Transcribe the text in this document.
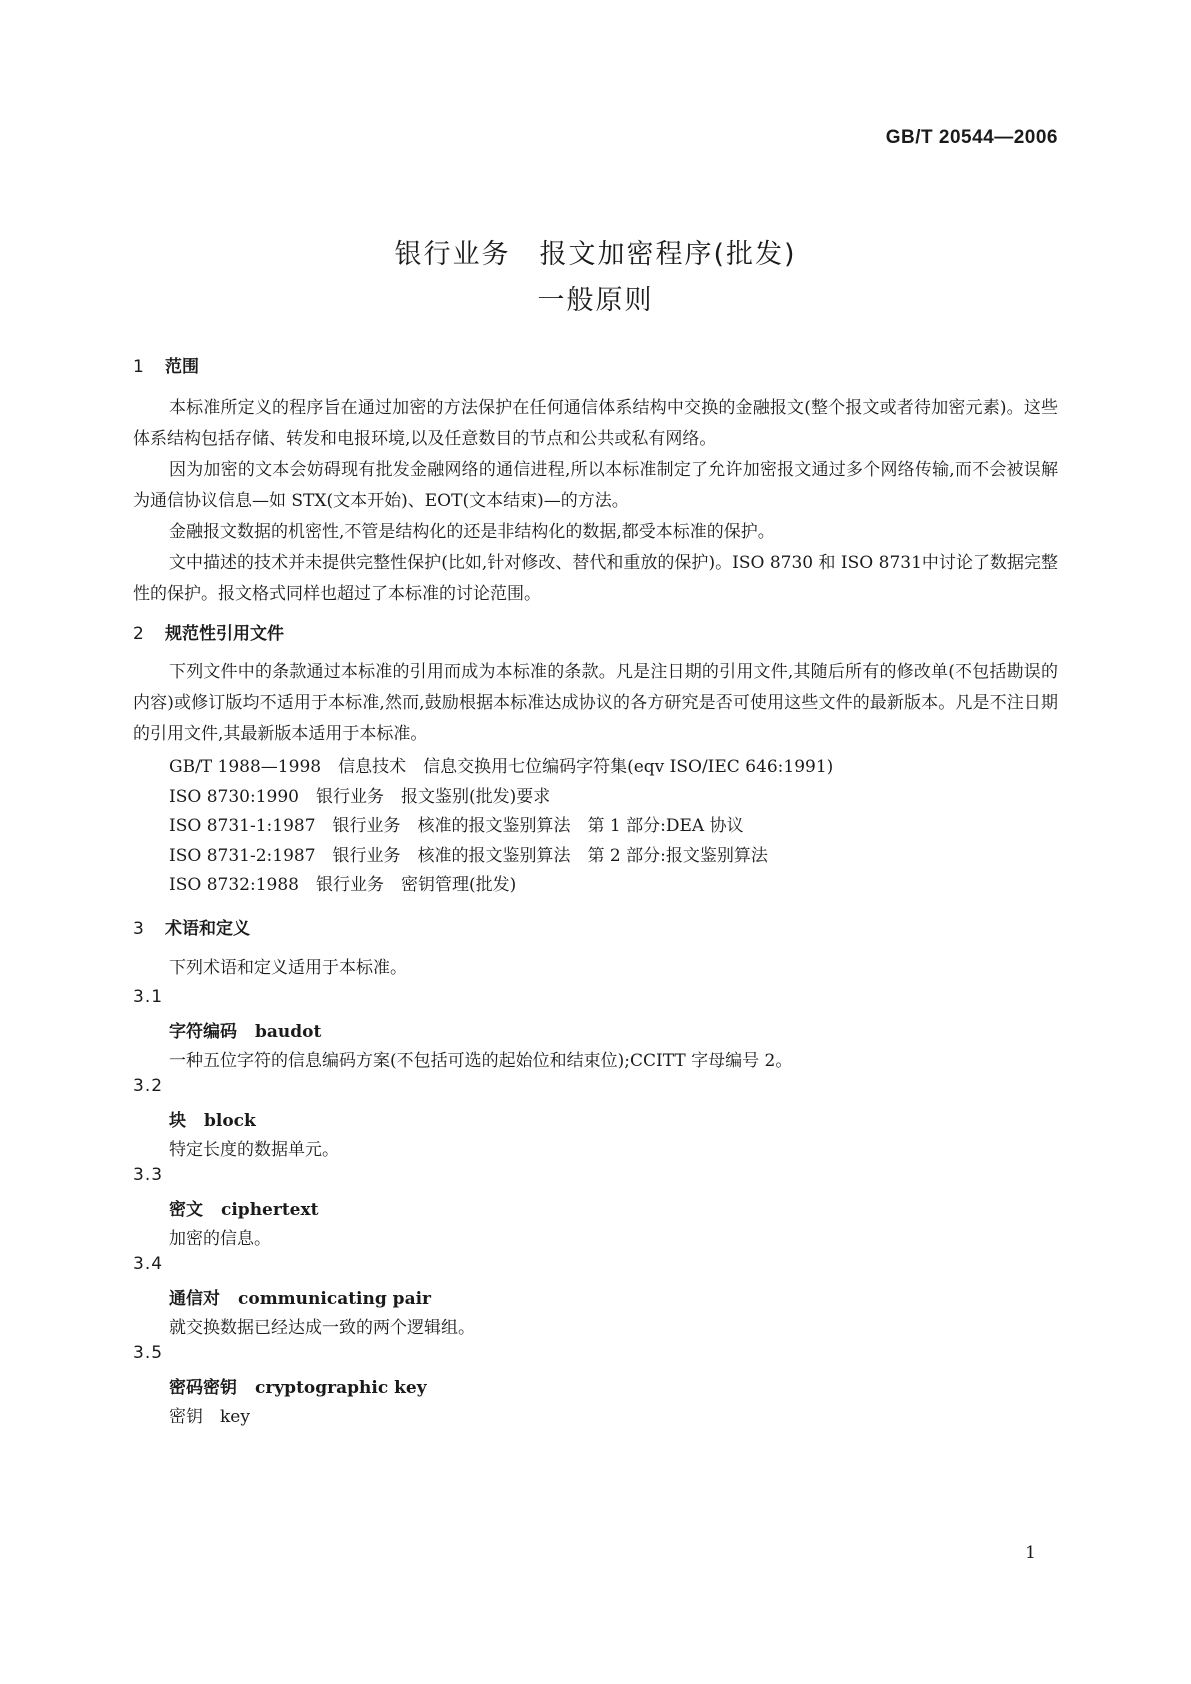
GB/T 20544—2006
银行业务　报文加密程序(批发)
一般原则
1 范围
本标准所定义的程序旨在通过加密的方法保护在任何通信体系结构中交换的金融报文(整个报文或者待加密元素)。这些体系结构包括存储、转发和电报环境,以及任意数目的节点和公共或私有网络。
因为加密的文本会妨碍现有批发金融网络的通信进程,所以本标准制定了允许加密报文通过多个网络传输,而不会被误解为通信协议信息—如 STX(文本开始)、EOT(文本结束)—的方法。
金融报文数据的机密性,不管是结构化的还是非结构化的数据,都受本标准的保护。
文中描述的技术并未提供完整性保护(比如,针对修改、替代和重放的保护)。ISO 8730 和 ISO 8731中讨论了数据完整性的保护。报文格式同样也超过了本标准的讨论范围。
2 规范性引用文件
下列文件中的条款通过本标准的引用而成为本标准的条款。凡是注日期的引用文件,其随后所有的修改单(不包括勘误的内容)或修订版均不适用于本标准,然而,鼓励根据本标准达成协议的各方研究是否可使用这些文件的最新版本。凡是不注日期的引用文件,其最新版本适用于本标准。
GB/T 1988—1998　信息技术　信息交换用七位编码字符集(eqv ISO/IEC 646:1991)
ISO 8730:1990　银行业务　报文鉴别(批发)要求
ISO 8731-1:1987　银行业务　核准的报文鉴别算法　第 1 部分:DEA 协议
ISO 8731-2:1987　银行业务　核准的报文鉴别算法　第 2 部分:报文鉴别算法
ISO 8732:1988　银行业务　密钥管理(批发)
3 术语和定义
下列术语和定义适用于本标准。
3.1
字符编码 baudot
一种五位字符的信息编码方案(不包括可选的起始位和结束位);CCITT 字母编号 2。
3.2
块 block
特定长度的数据单元。
3.3
密文 ciphertext
加密的信息。
3.4
通信对 communicating pair
就交换数据已经达成一致的两个逻辑组。
3.5
密码密钥 cryptographic key
密钥　key
1
